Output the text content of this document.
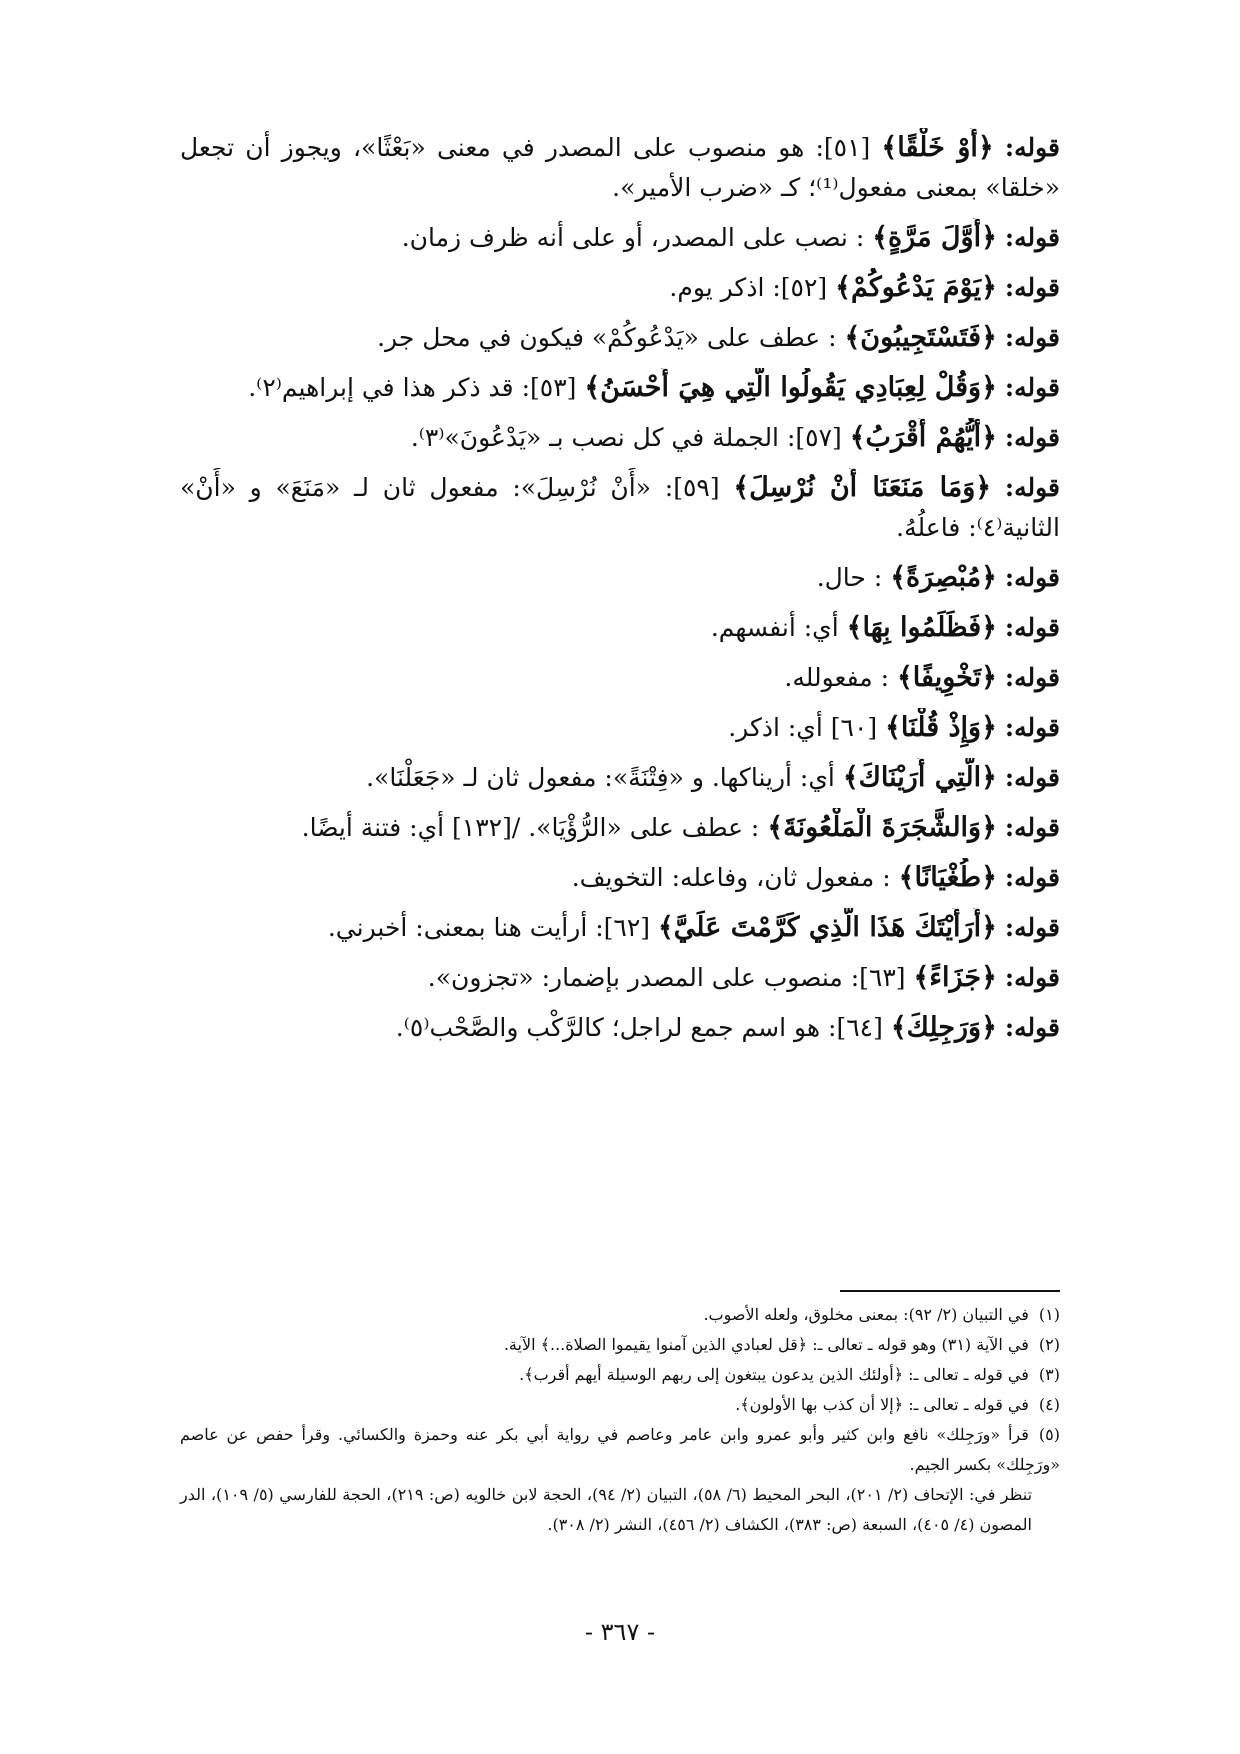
قوله: ﴿أَوْ خَلْقًا﴾ [٥١]: هو منصوب على المصدر في معنى «بَعْثًا»، ويجوز أن تجعل «خلقا» بمعنى مفعول⁽¹⁾؛ كـ «ضرب الأمير».
قوله: ﴿أَوَّلَ مَرَّةٍ﴾ : نصب على المصدر، أو على أنه ظرف زمان.
قوله: ﴿يَوْمَ يَدْعُوكُمْ﴾ [٥٢]: اذكر يوم.
قوله: ﴿فَتَسْتَجِيبُونَ﴾ : عطف على «يَدْعُوكُمْ» فيكون في محل جر.
قوله: ﴿وَقُلْ لِعِبَادِي يَقُولُوا الَّتِي هِيَ أَحْسَنُ﴾ [٥٣]: قد ذكر هذا في إبراهيم⁽٢⁾.
قوله: ﴿أَيُّهُمْ أَقْرَبُ﴾ [٥٧]: الجملة في كل نصب بـ «يَدْعُونَ»⁽٣⁾.
قوله: ﴿وَمَا مَنَعَنَا أَنْ نُرْسِلَ﴾ [٥٩]: «أَنْ نُرْسِلَ»: مفعول ثان لـ «مَنَعَ» و «أَنْ» الثانية⁽٤⁾: فاعلُهُ.
قوله: ﴿مُبْصِرَةً﴾ : حال.
قوله: ﴿فَظَلَمُوا بِهَا﴾ أي: أنفسهم.
قوله: ﴿تَخْوِيفًا﴾ : مفعولله.
قوله: ﴿وَإِذْ قُلْنَا﴾ [٦٠] أي: اذكر.
قوله: ﴿الَّتِي أَرَيْنَاكَ﴾ أي: أريناكها. و «فِتْنَةً»: مفعول ثان لـ «جَعَلْنَا».
قوله: ﴿وَالشَّجَرَةَ الْمَلْعُونَةَ﴾ : عطف على «الرُّؤْيَا». /[١٣٢] أي: فتنة أيضًا.
قوله: ﴿طُغْيَانًا﴾ : مفعول ثان، وفاعله: التخويف.
قوله: ﴿أَرَأَيْتَكَ هَذَا الَّذِي كَرَّمْتَ عَلَيَّ﴾ [٦٢]: أرأيت هنا بمعنى: أخبرني.
قوله: ﴿جَزَاءً﴾ [٦٣]: منصوب على المصدر بإضمار: «تجزون».
قوله: ﴿وَرَجِلِكَ﴾ [٦٤]: هو اسم جمع لراجل؛ كالرَّكْب والصَّحْب⁽٥⁾.
(١)في التبيان (٢/ ٩٢): بمعنى مخلوق، ولعله الأصوب.
(٢)في الآية (٣١) وهو قوله ـ تعالى ـ: ﴿قل لعبادي الذين آمنوا يقيموا الصلاة...﴾ الآية.
(٣)في قوله ـ تعالى ـ: ﴿أولئك الذين يدعون يبتغون إلى ربهم الوسيلة أيهم أقرب﴾.
(٤)في قوله ـ تعالى ـ: ﴿إلا أن كذب بها الأولون﴾.
(٥)قرأ «ورَجِلك» نافع وابن كثير وأبو عمرو وابن عامر وعاصم في رواية أبي بكر عنه وحمزة والكسائي. وقرأ حفص عن عاصم «ورَجِلك» بكسر الجيم.
تنظر في: الإتحاف (٢/ ٢٠١)، البحر المحيط (٦/ ٥٨)، التبيان (٢/ ٩٤)، الحجة لابن خالويه (ص: ٢١٩)، الحجة للفارسي (٥/ ١٠٩)، الدر المصون (٤/ ٤٠٥)، السبعة (ص: ٣٨٣)، الكشاف (٢/ ٤٥٦)، النشر (٢/ ٣٠٨).
- ٣٦٧ -
